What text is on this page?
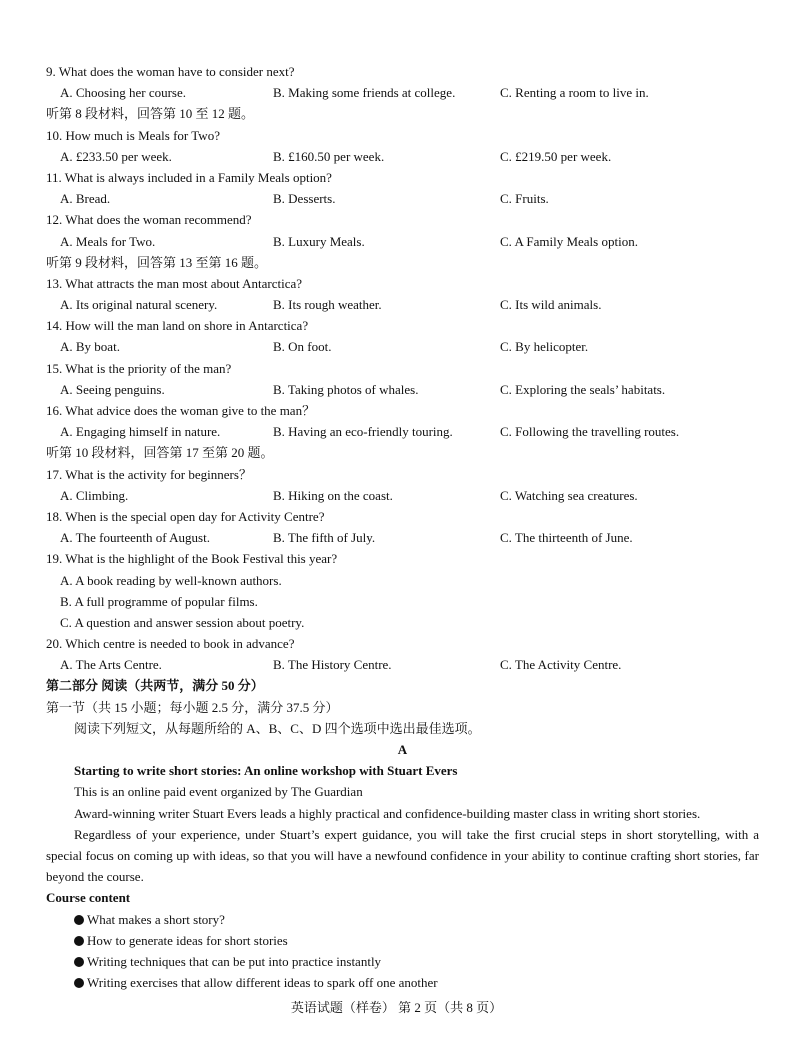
9. What does the woman have to consider next?
A. Choosing her course.	B. Making some friends at college.	C. Renting a room to live in.
听第 8 段材料，回答第 10 至 12 题。
10. How much is Meals for Two?
A. £233.50 per week.	B. £160.50 per week.	C. £219.50 per week.
11. What is always included in a Family Meals option?
A. Bread.	B. Desserts.	C. Fruits.
12. What does the woman recommend?
A. Meals for Two.	B. Luxury Meals.	C. A Family Meals option.
听第 9 段材料，回答第 13 至第 16 题。
13. What attracts the man most about Antarctica?
A. Its original natural scenery.	B. Its rough weather.	C. Its wild animals.
14. How will the man land on shore in Antarctica?
A. By boat.	B. On foot.	C. By helicopter.
15. What is the priority of the man?
A. Seeing penguins.	B. Taking photos of whales.	C. Exploring the seals’ habitats.
16. What advice does the woman give to the man？
A. Engaging himself in nature.	B. Having an eco-friendly touring.	C. Following the travelling routes.
听第 10 段材料，回答第 17 至第 20 题。
17. What is the activity for beginners？
A. Climbing.	B. Hiking on the coast.	C. Watching sea creatures.
18. When is the special open day for Activity Centre?
A. The fourteenth of August.	B. The fifth of July.	C. The thirteenth of June.
19. What is the highlight of the Book Festival this year?
A. A book reading by well-known authors.
B. A full programme of popular films.
C. A question and answer session about poetry.
20. Which centre is needed to book in advance?
A. The Arts Centre.	B. The History Centre.	C. The Activity Centre.
第二部分 阅读（共两节，满分 50 分）
第一节（共 15 小题；每小题 2.5 分，满分 37.5 分）
阅读下列短文，从每题所给的 A、B、C、D 四个选项中选出最佳选项。
A
Starting to write short stories: An online workshop with Stuart Evers
This is an online paid event organized by The Guardian
Award-winning writer Stuart Evers leads a highly practical and confidence-building master class in writing short stories.
Regardless of your experience, under Stuart’s expert guidance, you will take the first crucial steps in short storytelling, with a special focus on coming up with ideas, so that you will have a newfound confidence in your ability to continue crafting short stories, far beyond the course.
Course content
What makes a short story?
How to generate ideas for short stories
Writing techniques that can be put into practice instantly
Writing exercises that allow different ideas to spark off one another
英语试题（样卷） 第 2 页（共 8 页）
